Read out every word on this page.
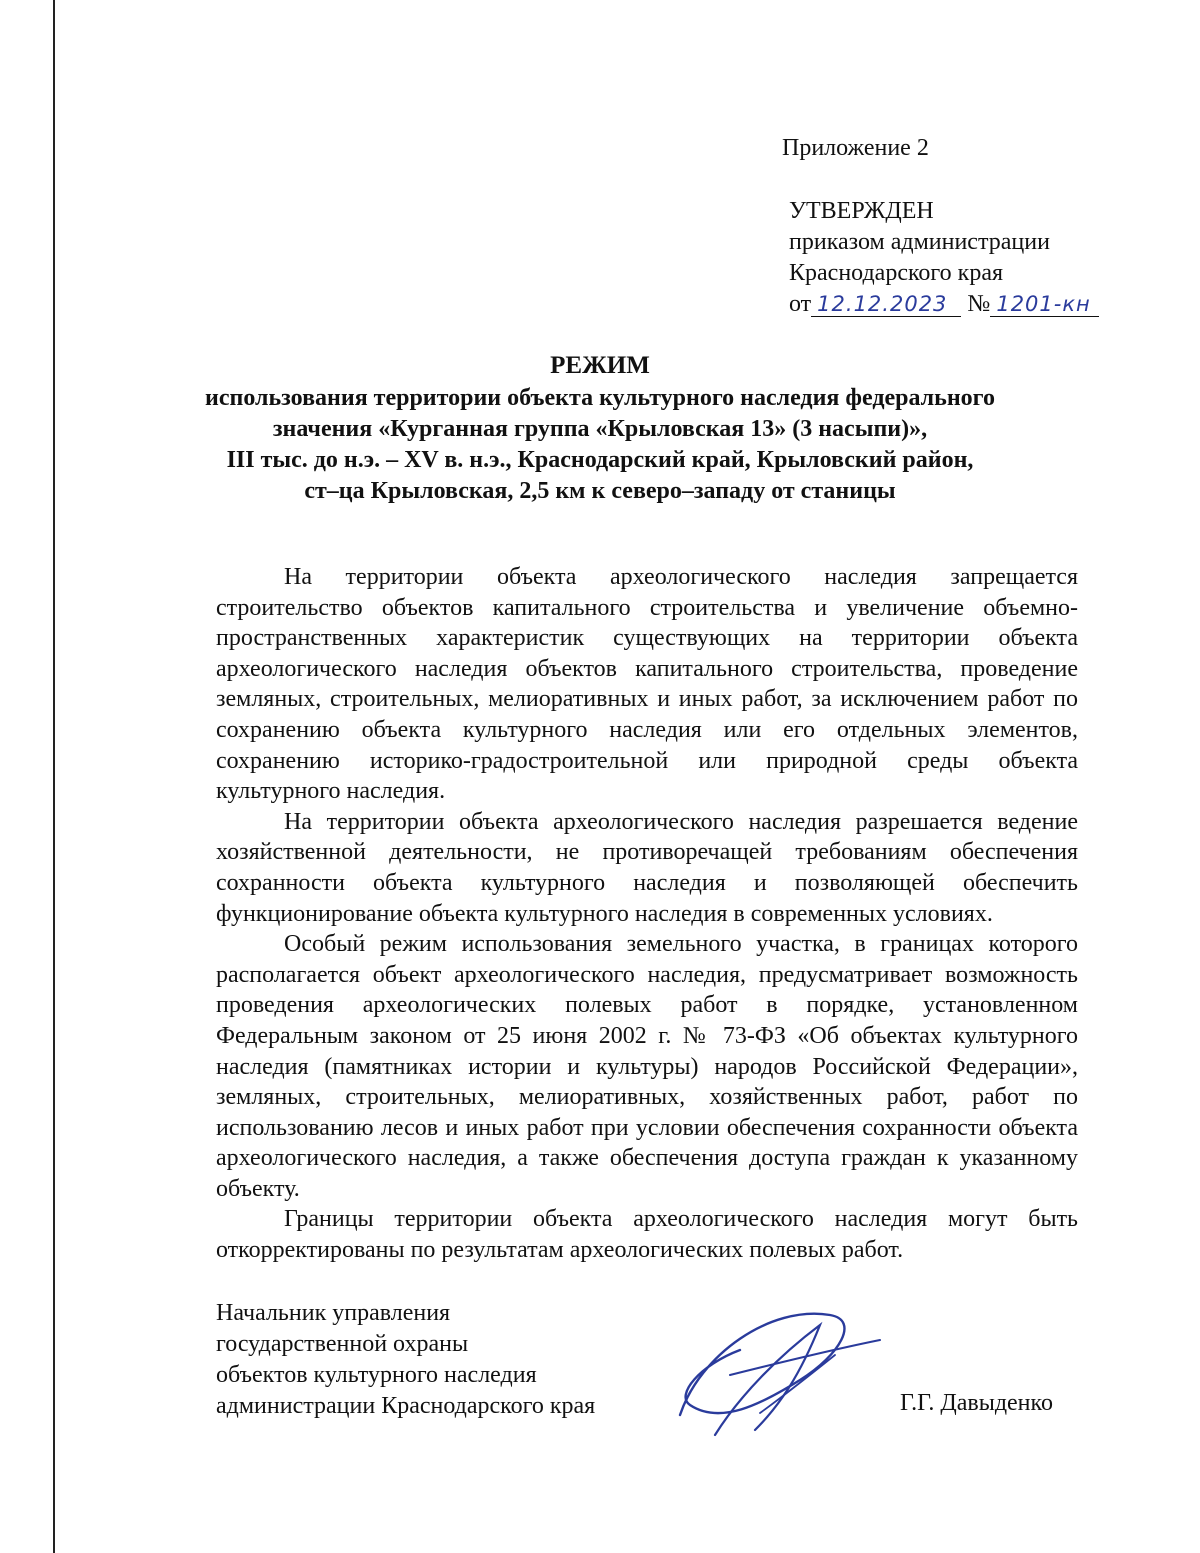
Приложение 2
УТВЕРЖДЕН
приказом администрации
Краснодарского края
от 12.12.2023 № 1201-кн
РЕЖИМ
использования территории объекта культурного наследия федерального
значения «Курганная группа «Крыловская 13» (3 насыпи)»,
III тыс. до н.э. – XV в. н.э., Краснодарский край, Крыловский район,
ст–ца Крыловская, 2,5 км к северо–западу от станицы

На территории объекта археологического наследия запрещается строительство объектов капитального строительства и увеличение объемно-пространственных характеристик существующих на территории объекта археологического наследия объектов капитального строительства, проведение земляных, строительных, мелиоративных и иных работ, за исключением работ по сохранению объекта культурного наследия или его отдельных элементов, сохранению историко-градостроительной или природной среды объекта культурного наследия.

На территории объекта археологического наследия разрешается ведение хозяйственной деятельности, не противоречащей требованиям обеспечения сохранности объекта культурного наследия и позволяющей обеспечить функционирование объекта культурного наследия в современных условиях.

Особый режим использования земельного участка, в границах которого располагается объект археологического наследия, предусматривает возможность проведения археологических полевых работ в порядке, установленном Федеральным законом от 25 июня 2002 г. № 73-ФЗ «Об объектах культурного наследия (памятниках истории и культуры) народов Российской Федерации», земляных, строительных, мелиоративных, хозяйственных работ, работ по использованию лесов и иных работ при условии обеспечения сохранности объекта археологического наследия, а также обеспечения доступа граждан к указанному объекту.

Границы территории объекта археологического наследия могут быть откорректированы по результатам археологических полевых работ.

Начальник управления
государственной охраны
объектов культурного наследия
администрации Краснодарского края	Г.Г. Давыденко
